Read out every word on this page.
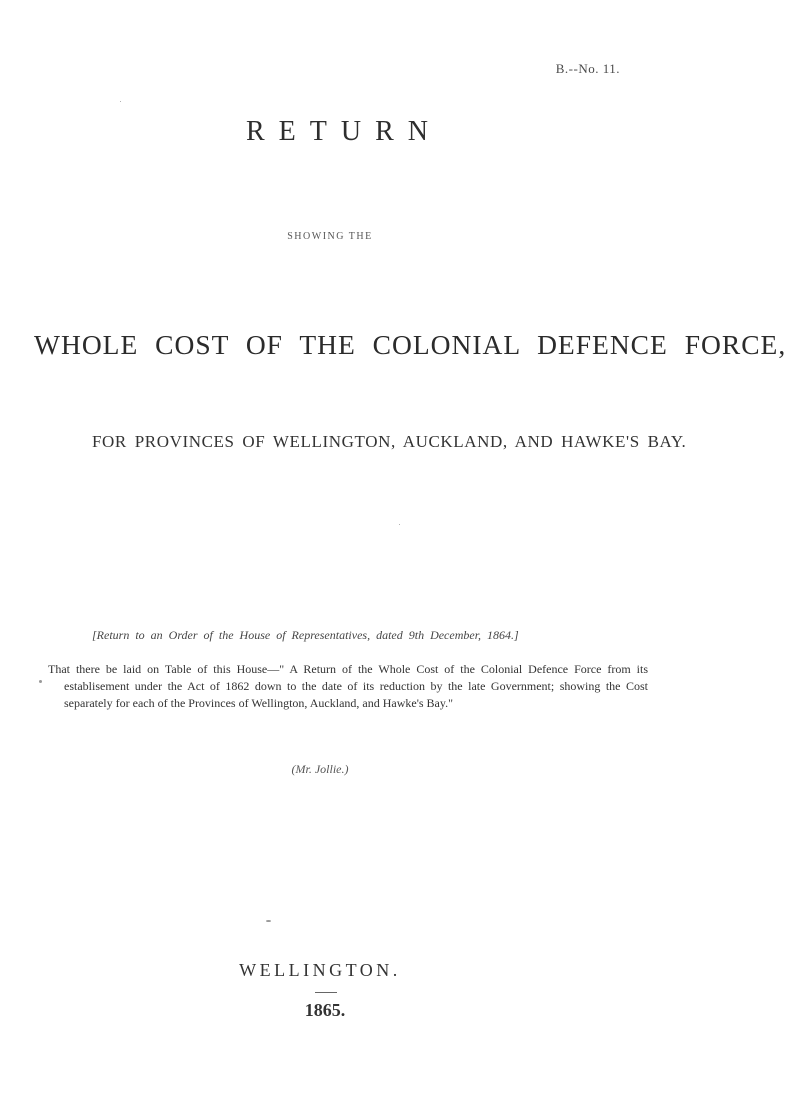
B.--No. 11.
RETURN
SHOWING THE
WHOLE COST OF THE COLONIAL DEFENCE FORCE,
FOR PROVINCES OF WELLINGTON, AUCKLAND, AND HAWKE'S BAY.
[Return to an Order of the House of Representatives, dated 9th December, 1864.]

That there be laid on Table of this House—" A Return of the Whole Cost of the Colonial Defence Force from its establisement under the Act of 1862 down to the date of its reduction by the late Government; showing the Cost separately for each of the Provinces of Wellington, Auckland, and Hawke's Bay."

(Mr. Jollie.)
WELLINGTON.
1865.
